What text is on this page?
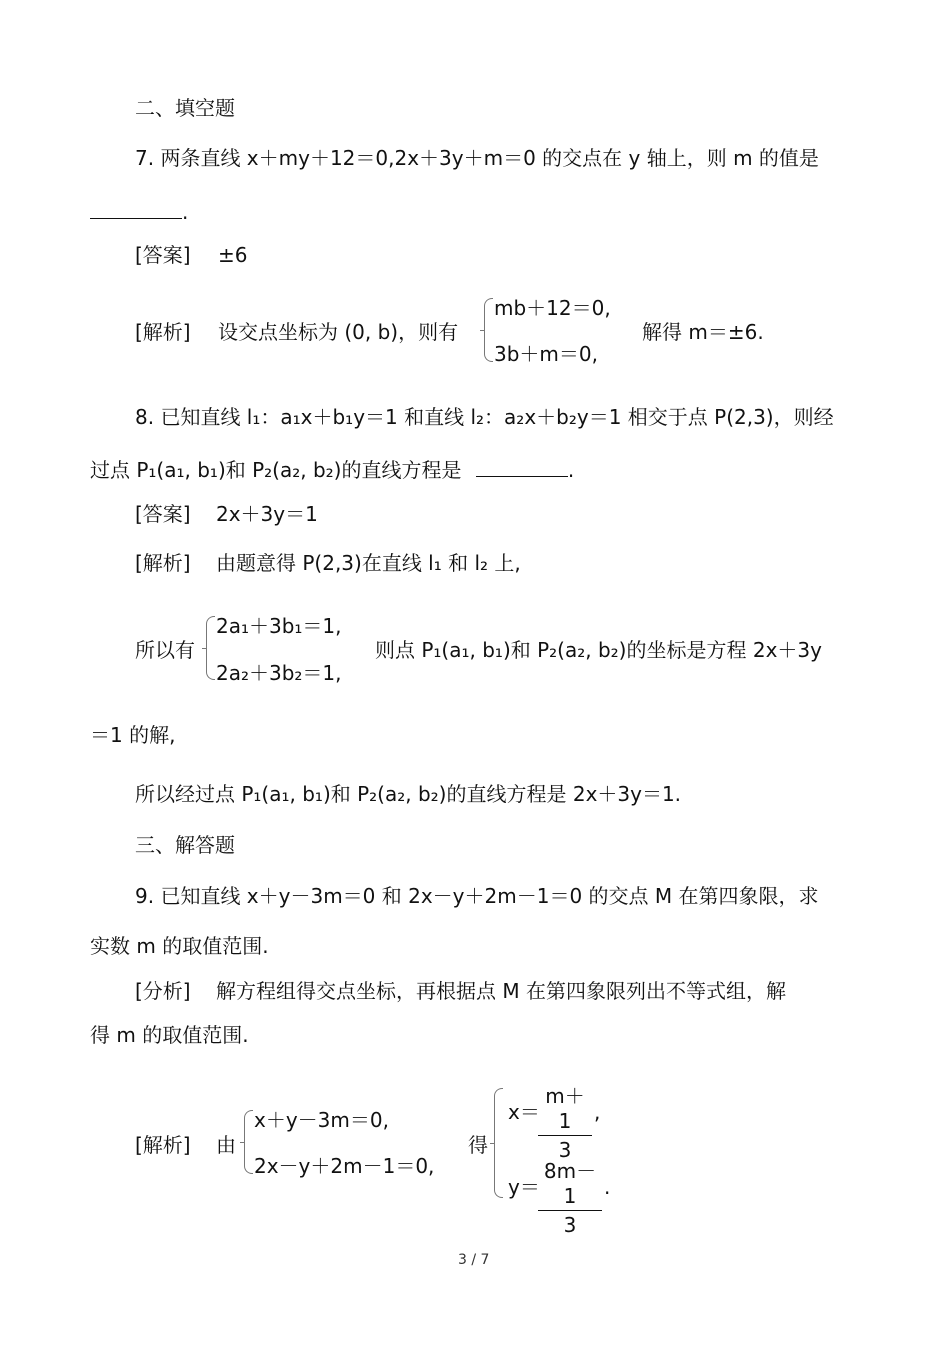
二、填空题
7. 两条直线 x＋my＋12＝0,2x＋3y＋m＝0 的交点在 y 轴上，则 m 的值是
.
[答案] ±6
[解析] 设交点坐标为 (0, b)，则有
mb＋12＝0,
3b＋m＝0,
解得 m＝±6.
8. 已知直线 l₁：a₁x＋b₁y＝1 和直线 l₂：a₂x＋b₂y＝1 相交于点 P(2,3)，则经
过点 P₁(a₁, b₁)和 P₂(a₂, b₂)的直线方程是	.
[答案] 2x＋3y＝1
[解析] 由题意得 P(2,3)在直线 l₁ 和 l₂ 上,
所以有
2a₁＋3b₁＝1,
2a₂＋3b₂＝1,
则点 P₁(a₁, b₁)和 P₂(a₂, b₂)的坐标是方程 2x＋3y
＝1 的解,
所以经过点 P₁(a₁, b₁)和 P₂(a₂, b₂)的直线方程是 2x＋3y＝1.
三、解答题
9. 已知直线 x＋y－3m＝0 和 2x－y＋2m－1＝0 的交点 M 在第四象限，求
实数 m 的取值范围.
[分析] 解方程组得交点坐标，再根据点 M 在第四象限列出不等式组，解
得 m 的取值范围.
[解析] 由
x＋y－3m＝0,
2x－y＋2m－1＝0,
得
x＝
$\frac{m+1}{3}$ ,
y＝
$\frac{8m-1}{3}$ .
3 / 7
